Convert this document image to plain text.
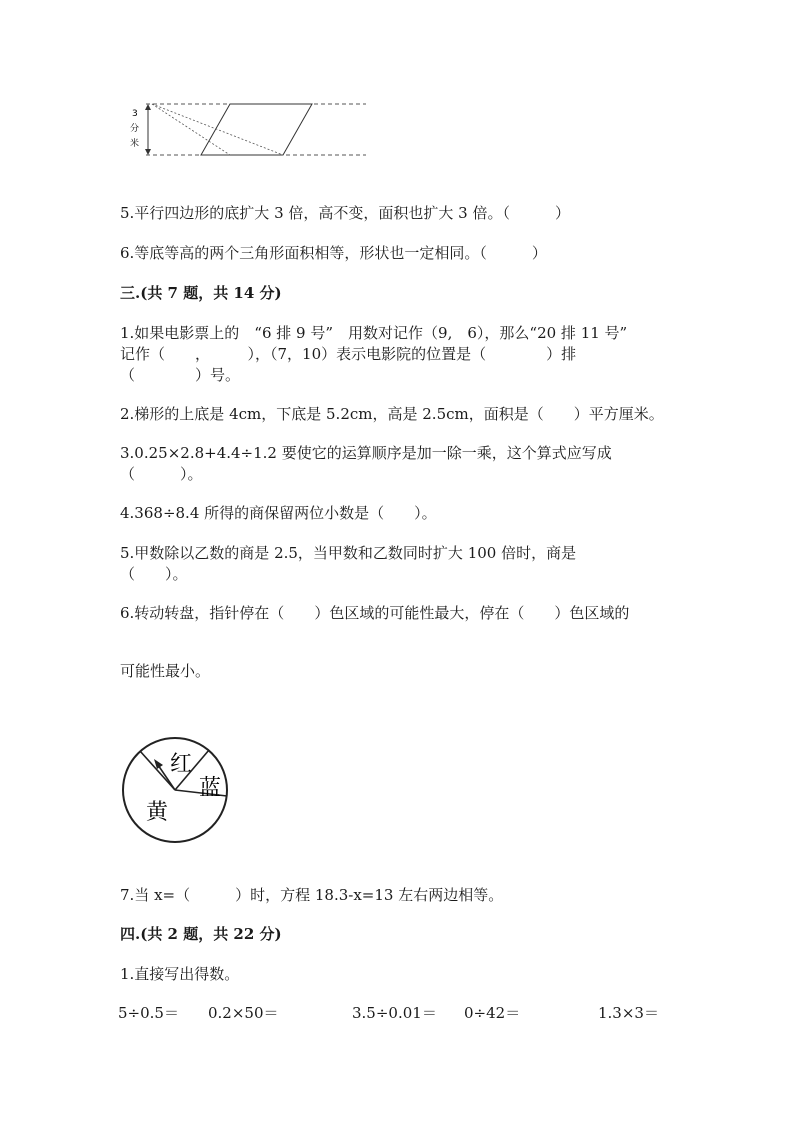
3
分
米
5.平行四边形的底扩大 3 倍，高不变，面积也扩大 3 倍。（　　　）
6.等底等高的两个三角形面积相等，形状也一定相同。（　　　）
三.(共 7 题，共 14 分)
1.如果电影票上的　“6 排 9 号”　用数对记作（9,　6），那么“20 排 11 号”
记作（　　，　　　），（7，10）表示电影院的位置是（　　　　）排
（　　　　）号。
2.梯形的上底是 4cm，下底是 5.2cm，高是 2.5cm，面积是（　　）平方厘米。
3.0.25×2.8+4.4÷1.2 要使它的运算顺序是加一除一乘，这个算式应写成
（　　　）。
4.368÷8.4 所得的商保留两位小数是（　　）。
5.甲数除以乙数的商是 2.5，当甲数和乙数同时扩大 100 倍时，商是
（　　）。
6.转动转盘，指针停在（　　）色区域的可能性最大，停在（　　）色区域的
可能性最小。
红
蓝
黄
7.当 x=（　　　）时，方程 18.3-x=13 左右两边相等。
四.(共 2 题，共 22 分)
1.直接写出得数。
5÷0.5＝ 0.2×50＝	3.5÷0.01＝ 0÷42＝	1.3×3＝
